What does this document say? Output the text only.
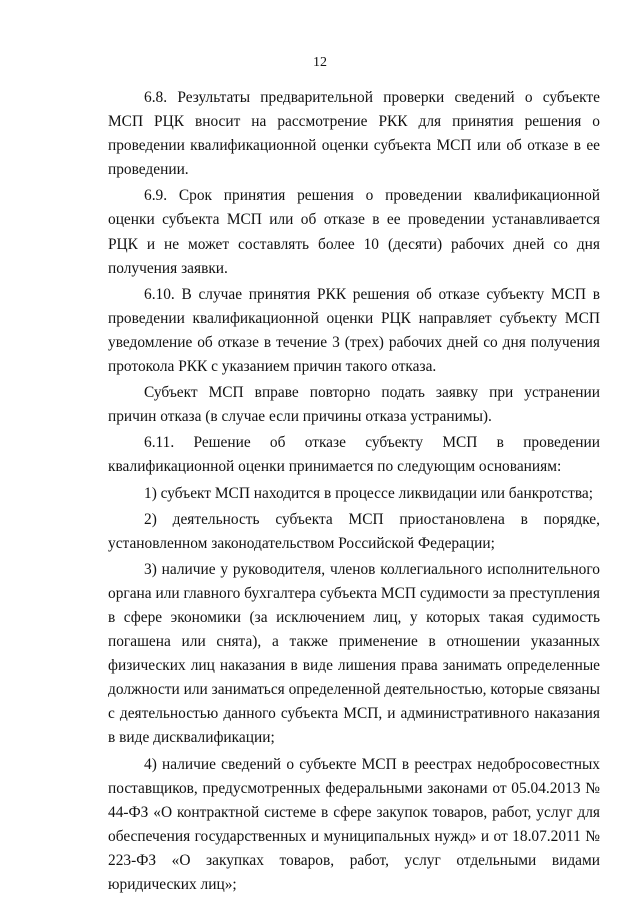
12

6.8. Результаты предварительной проверки сведений о субъекте МСП РЦК вносит на рассмотрение РКК для принятия решения о проведении квалификационной оценки субъекта МСП или об отказе в ее проведении.

6.9. Срок принятия решения о проведении квалификационной оценки субъекта МСП или об отказе в ее проведении устанавливается РЦК и не может составлять более 10 (десяти) рабочих дней со дня получения заявки.

6.10. В случае принятия РКК решения об отказе субъекту МСП в проведении квалификационной оценки РЦК направляет субъекту МСП уведомление об отказе в течение 3 (трех) рабочих дней со дня получения протокола РКК с указанием причин такого отказа.

Субъект МСП вправе повторно подать заявку при устранении причин отказа (в случае если причины отказа устранимы).

6.11. Решение об отказе субъекту МСП в проведении квалификационной оценки принимается по следующим основаниям:

1) субъект МСП находится в процессе ликвидации или банкротства;

2) деятельность субъекта МСП приостановлена в порядке, установленном законодательством Российской Федерации;

3) наличие у руководителя, членов коллегиального исполнительного органа или главного бухгалтера субъекта МСП судимости за преступления в сфере экономики (за исключением лиц, у которых такая судимость погашена или снята), а также применение в отношении указанных физических лиц наказания в виде лишения права занимать определенные должности или заниматься определенной деятельностью, которые связаны с деятельностью данного субъекта МСП, и административного наказания в виде дисквалификации;

4) наличие сведений о субъекте МСП в реестрах недобросовестных поставщиков, предусмотренных федеральными законами от 05.04.2013 № 44-ФЗ «О контрактной системе в сфере закупок товаров, работ, услуг для обеспечения государственных и муниципальных нужд» и от 18.07.2011 № 223-ФЗ «О закупках товаров, работ, услуг отдельными видами юридических лиц»;
